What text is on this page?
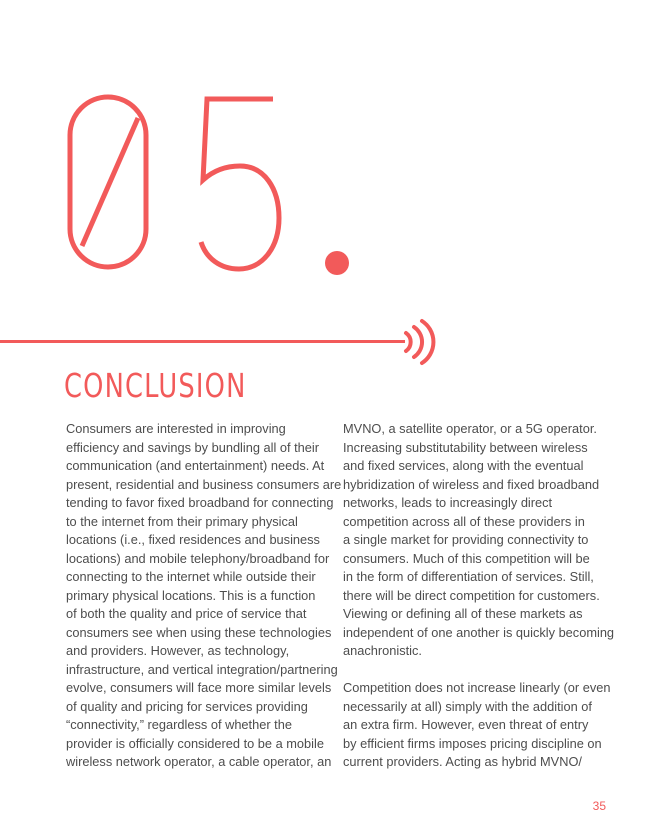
CONCLUSION

Consumers are interested in improving
efficiency and savings by bundling all of their
communication (and entertainment) needs. At
present, residential and business consumers are
tending to favor fixed broadband for connecting
to the internet from their primary physical
locations (i.e., fixed residences and business
locations) and mobile telephony/broadband for
connecting to the internet while outside their
primary physical locations. This is a function
of both the quality and price of service that
consumers see when using these technologies
and providers. However, as technology,
infrastructure, and vertical integration/partnering
evolve, consumers will face more similar levels
of quality and pricing for services providing
“connectivity,” regardless of whether the
provider is officially considered to be a mobile
wireless network operator, a cable operator, an

MVNO, a satellite operator, or a 5G operator.
Increasing substitutability between wireless
and fixed services, along with the eventual
hybridization of wireless and fixed broadband
networks, leads to increasingly direct
competition across all of these providers in
a single market for providing connectivity to
consumers. Much of this competition will be
in the form of differentiation of services. Still,
there will be direct competition for customers.
Viewing or defining all of these markets as
independent of one another is quickly becoming
anachronistic.

Competition does not increase linearly (or even
necessarily at all) simply with the addition of
an extra firm. However, even threat of entry
by efficient firms imposes pricing discipline on
current providers. Acting as hybrid MVNO/

35
